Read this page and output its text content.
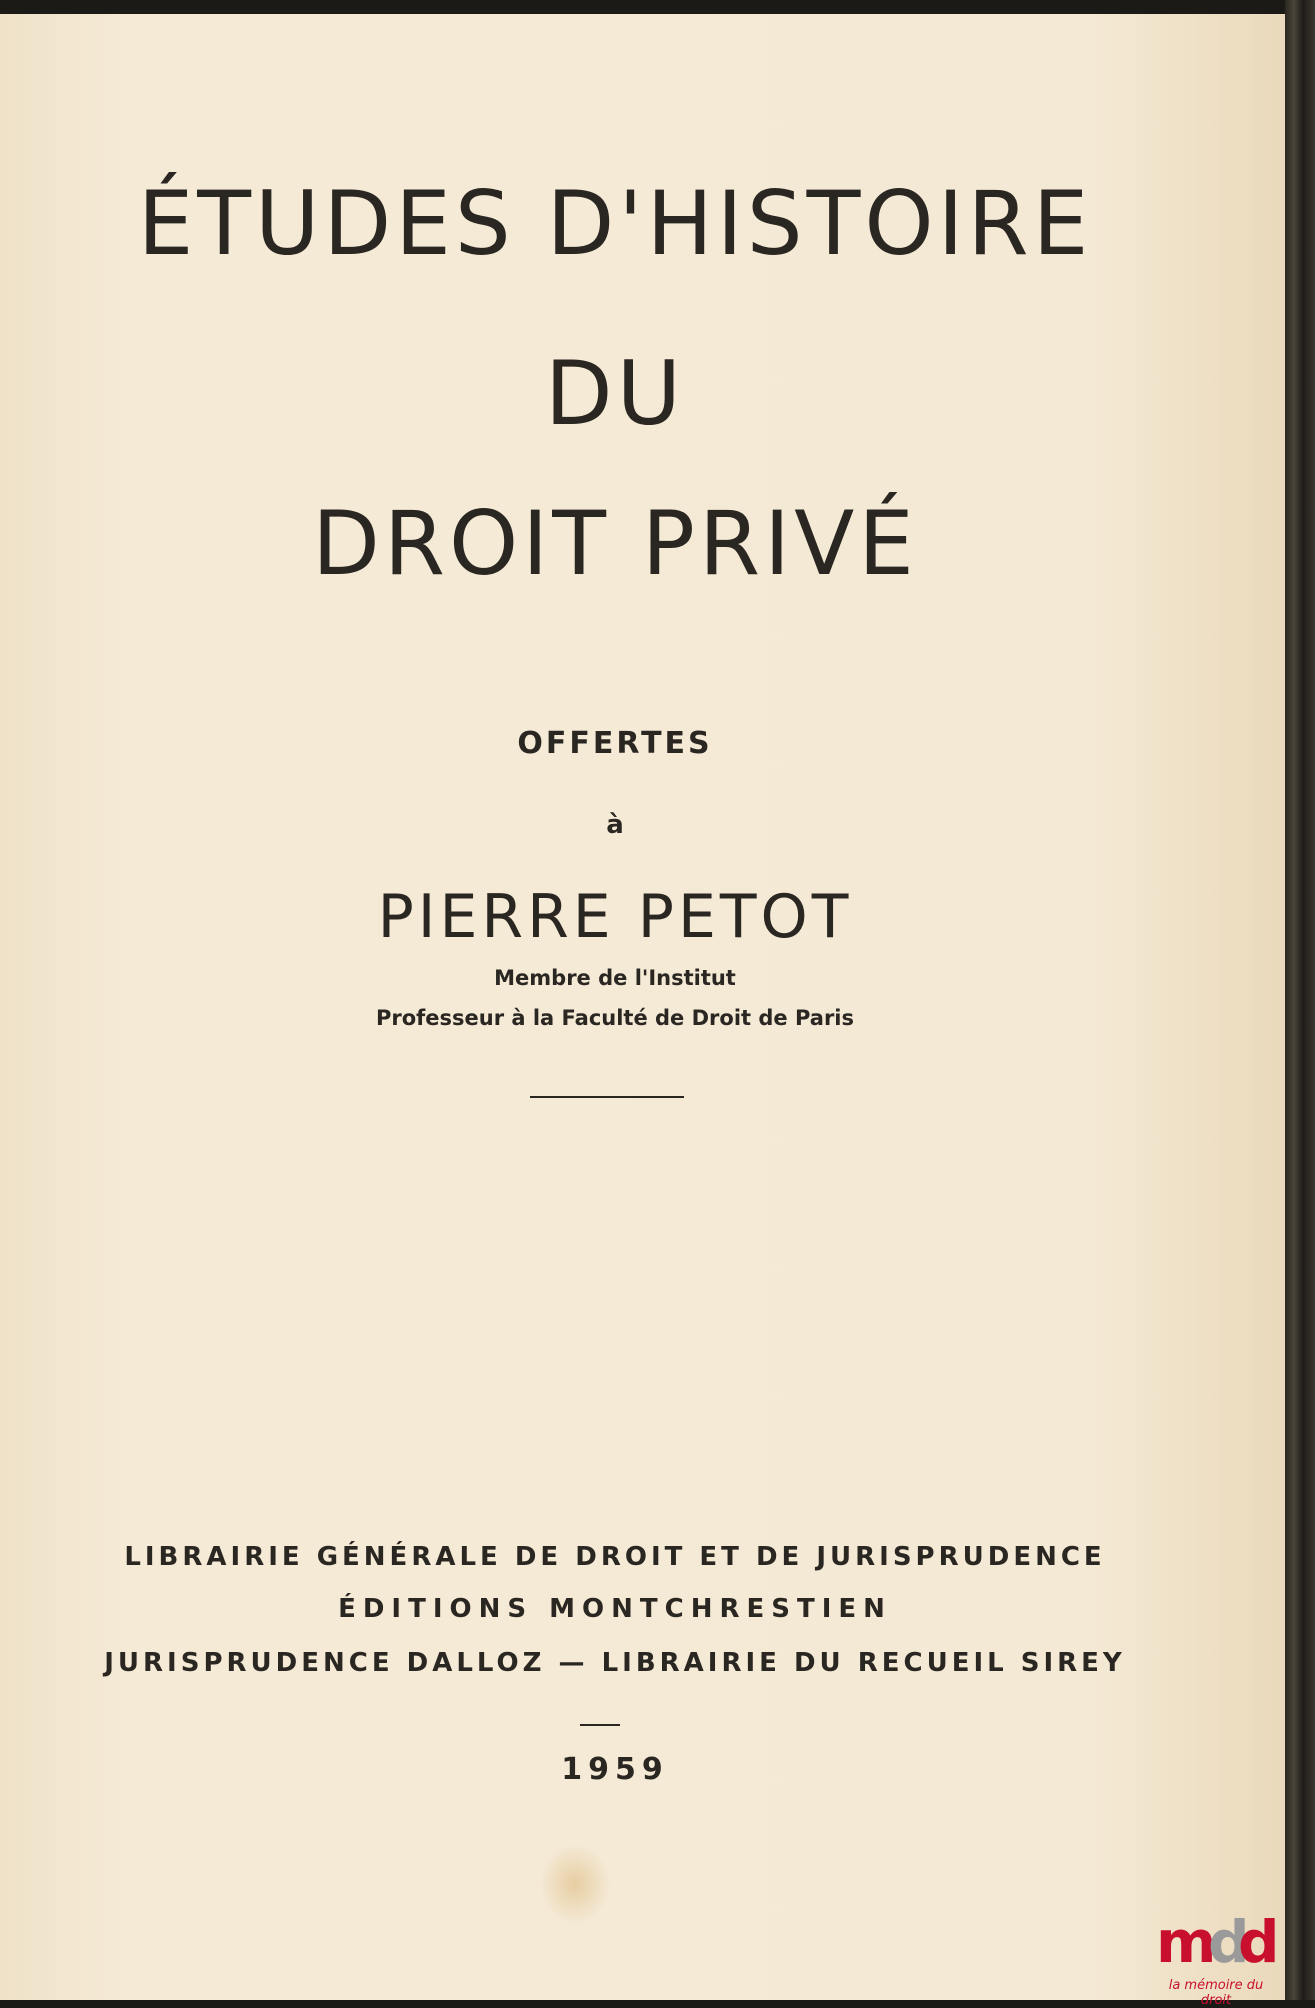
ÉTUDES D'HISTOIRE
DU
DROIT PRIVÉ
OFFERTES
à
PIERRE PETOT
Membre de l'Institut
Professeur à la Faculté de Droit de Paris
LIBRAIRIE GÉNÉRALE DE DROIT ET DE JURISPRUDENCE
ÉDITIONS MONTCHRESTIEN
JURISPRUDENCE DALLOZ — LIBRAIRIE DU RECUEIL SIREY
1959
m
d
d
la mémoire du droit
